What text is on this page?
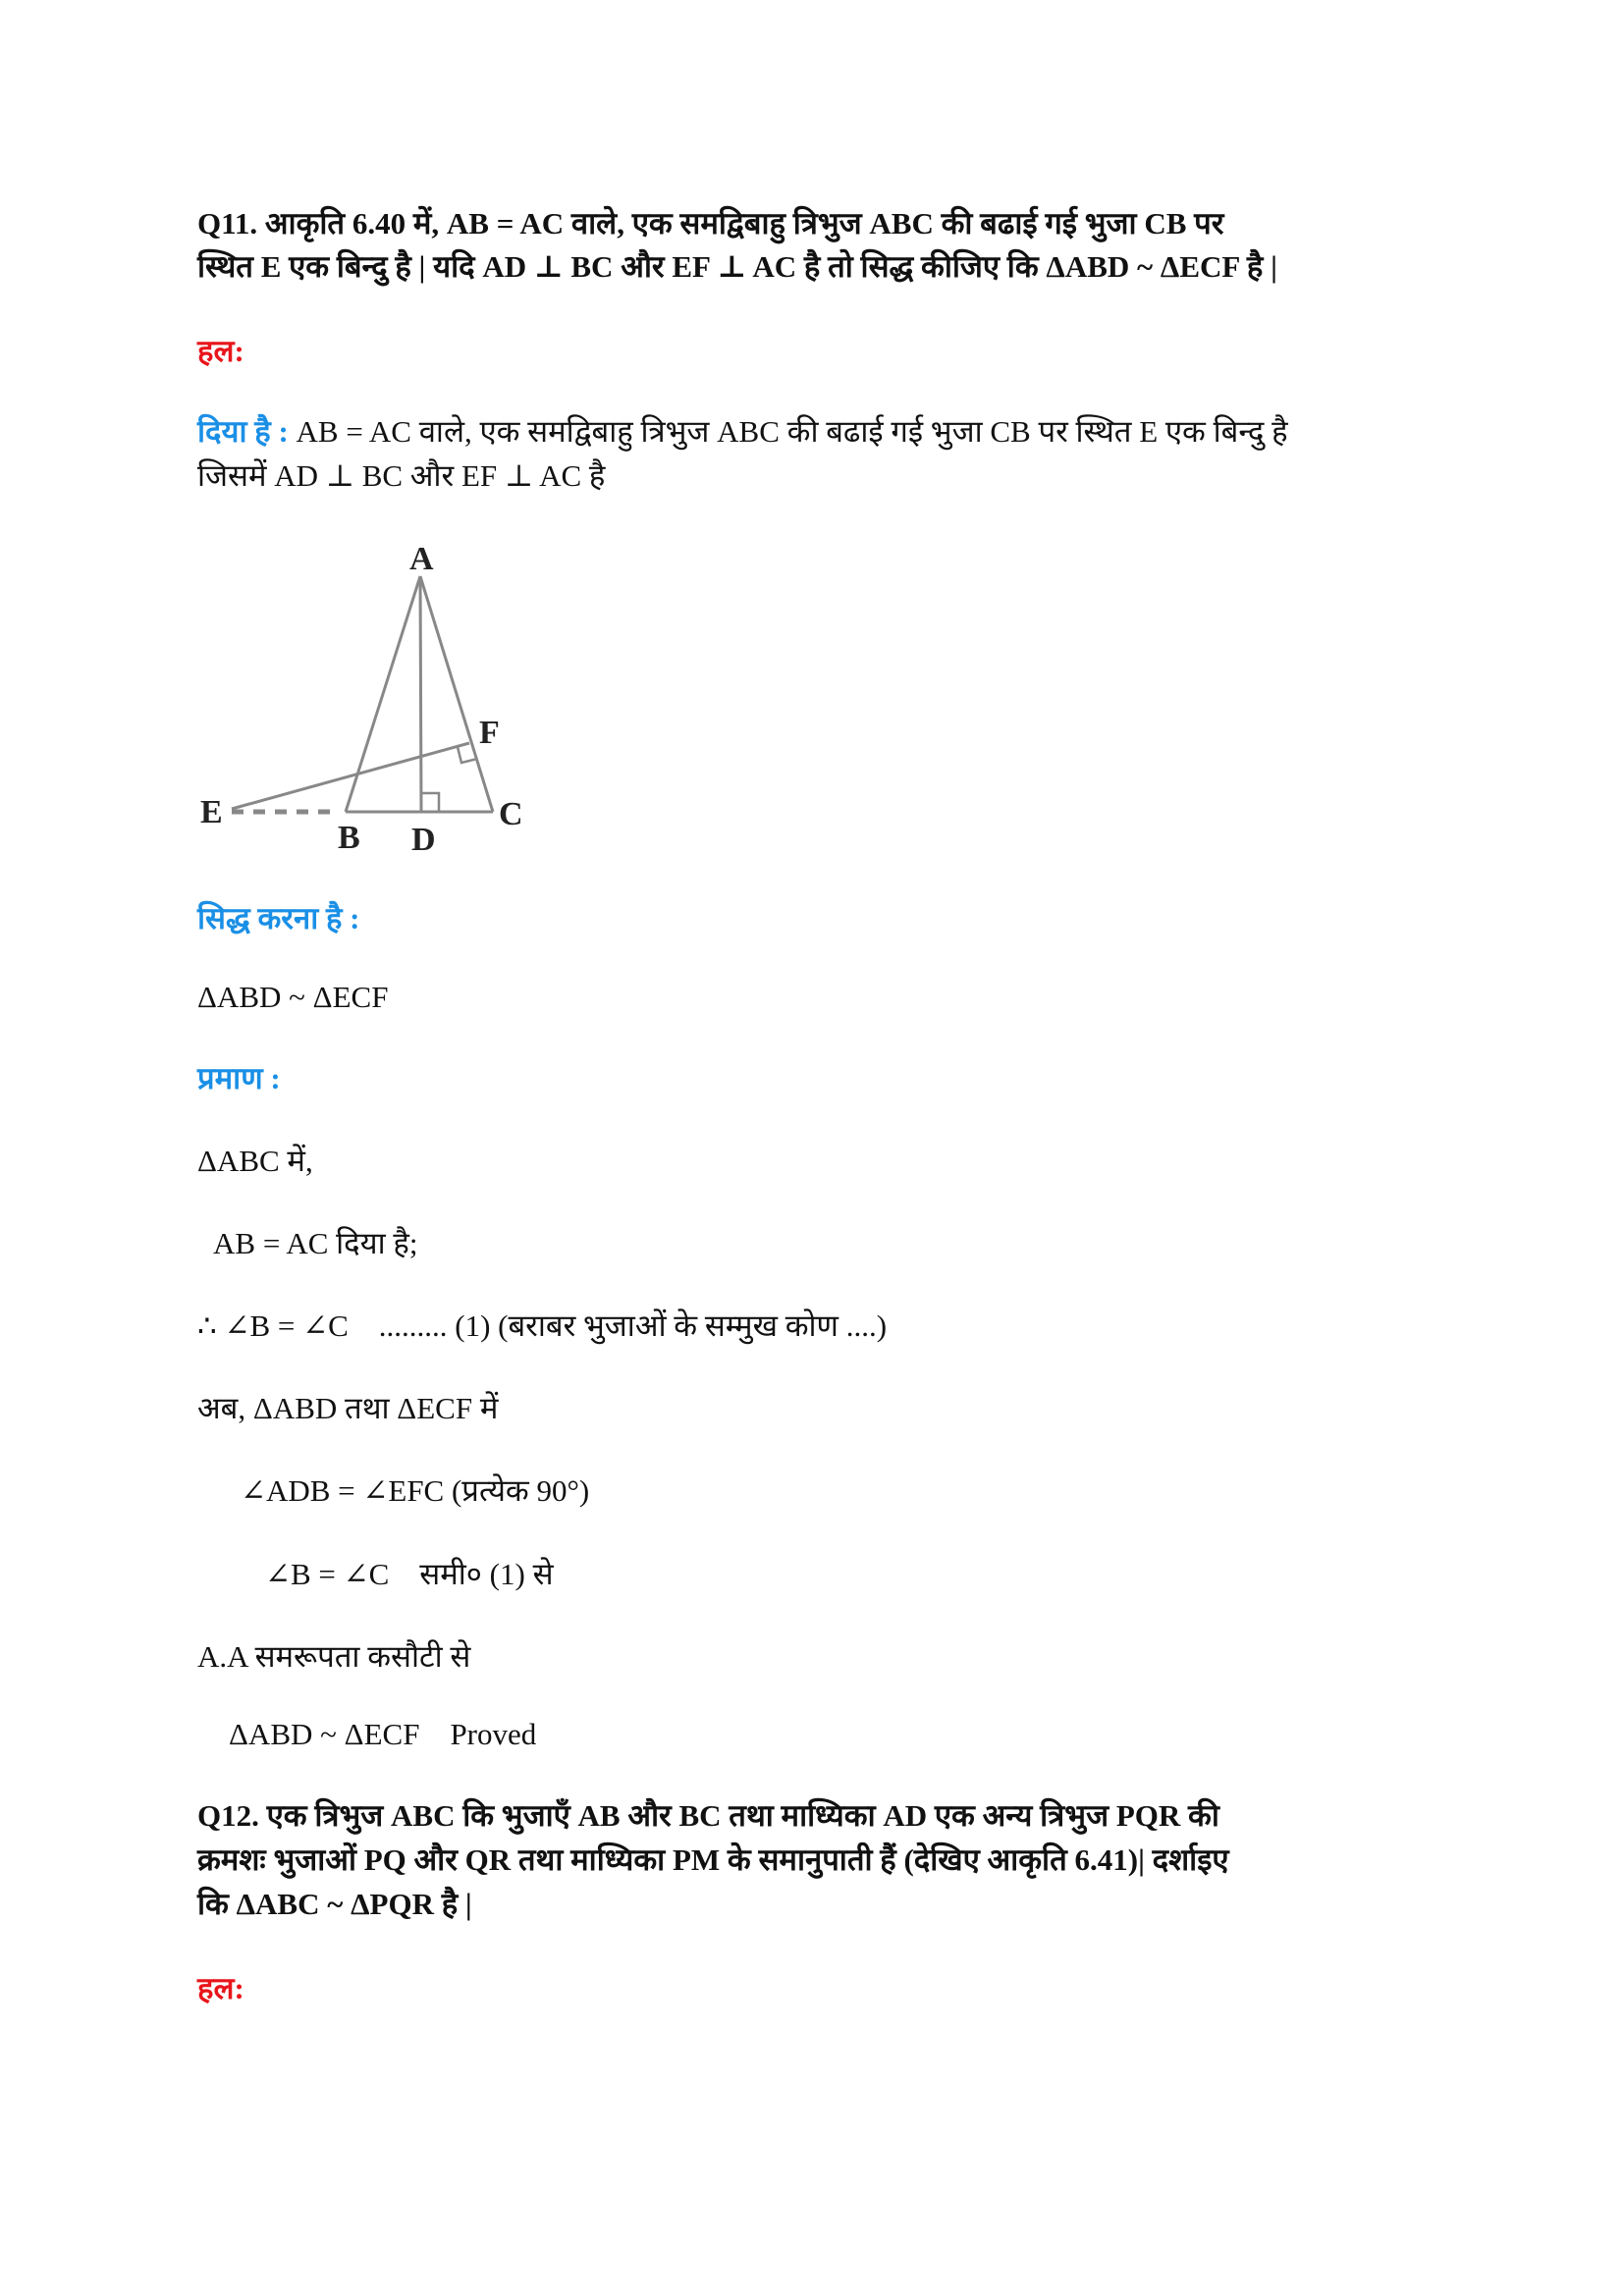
Q11. आकृति 6.40 में, AB = AC वाले, एक समद्विबाहु त्रिभुज ABC की बढाई गई भुजा CB पर
स्थित E एक बिन्दु है | यदि AD ⊥ BC और EF ⊥ AC है तो सिद्ध कीजिए कि ΔABD ~ ΔECF है |
हल:
दिया है : AB = AC वाले, एक समद्विबाहु त्रिभुज ABC की बढाई गई भुजा CB पर स्थित E एक बिन्दु है
जिसमें AD ⊥ BC और EF ⊥ AC है
A
E
B D
C
F
सिद्ध करना है :
ΔABD ~ ΔECF
प्रमाण :
ΔABC में,
AB = AC दिया है;
∴ ∠B = ∠C    ......... (1) (बराबर भुजाओं के सम्मुख कोण ....)
अब, ΔABD तथा ΔECF में
∠ADB = ∠EFC (प्रत्येक 90°)
∠B = ∠C    समी० (1) से
A.A समरूपता कसौटी से
ΔABD ~ ΔECF    Proved
Q12. एक त्रिभुज ABC कि भुजाएँ AB और BC तथा माध्यिका AD एक अन्य त्रिभुज PQR की
क्रमशः भुजाओं PQ और QR तथा माध्यिका PM के समानुपाती हैं (देखिए आकृति 6.41)| दर्शाइए
कि ΔABC ~ ΔPQR है |
हल:
